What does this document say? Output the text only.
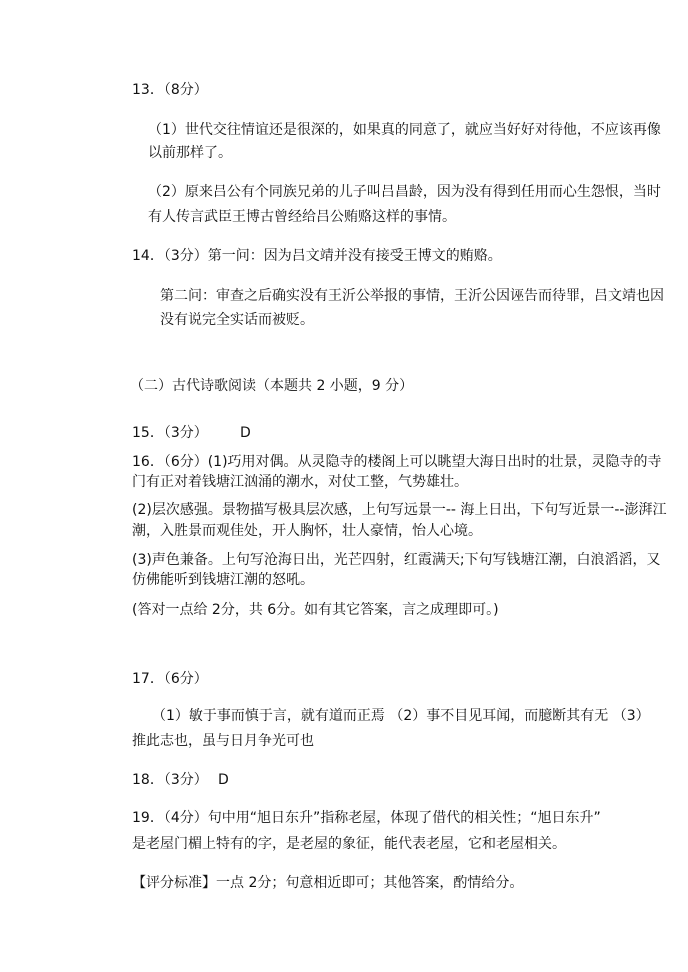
13．（8分）
（1）世代交往情谊还是很深的，如果真的同意了，就应当好好对待他，不应该再像
以前那样了。
（2）原来吕公有个同族兄弟的儿子叫吕昌龄，因为没有得到任用而心生怨恨，当时
有人传言武臣王博古曾经给吕公贿赂这样的事情。
14．（3分）第一问：因为吕文靖并没有接受王博文的贿赂。
第二问：审查之后确实没有王沂公举报的事情，王沂公因诬告而待罪，吕文靖也因
没有说完全实话而被贬。
（二）古代诗歌阅读（本题共 2 小题，9 分）
15．（3分） D
16．（6分）(1)巧用对偶。从灵隐寺的楼阁上可以眺望大海日出时的壮景，灵隐寺的寺
门有正对着钱塘江汹涌的潮水，对仗工整，气势雄壮。
(2)层次感强。景物描写极具层次感，上句写远景一-- 海上日出，下句写近景一--澎湃江
潮，入胜景而观佳处，开人胸怀，壮人豪情，怡人心境。
(3)声色兼备。上句写沧海日出，光芒四射，红霞满天;下句写钱塘江潮，白浪滔滔，又
仿佛能听到钱塘江潮的怒吼。
(答对一点给 2分，共 6分。如有其它答案，言之成理即可。)
17．（6分）
（1）敏于事而慎于言，就有道而正焉 （2）事不目见耳闻，而臆断其有无 （3）
推此志也，虽与日月争光可也
18．（3分） D
19．（4分）句中用“旭日东升”指称老屋，体现了借代的相关性；“旭日东升”
是老屋门楣上特有的字，是老屋的象征，能代表老屋，它和老屋相关。
【评分标准】一点 2分；句意相近即可；其他答案，酌情给分。
